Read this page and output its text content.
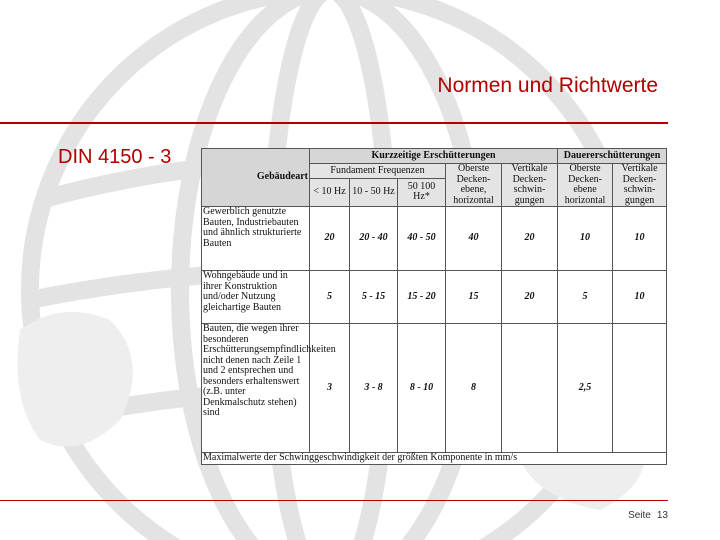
Normen und Richtwerte
DIN 4150 - 3
Gebäudeart	Kurzzeitige Erschütterungen					Dauererschütterungen	
	Fundament Frequenzen			Oberste Decken-ebene, horizontal	Vertikale Decken-schwin-gungen	Oberste Decken-ebene horizontal	Vertikale Decken-schwin-gungen
	< 10 Hz	10 - 50 Hz	50 100 Hz*				
Gewerblich genutzte Bauten, Industriebauten und ähnlich strukturierte Bauten	20	20 - 40	40 - 50	40	20	10	10
Wohngebäude und in ihrer Konstruktion und/oder Nutzung gleichartige Bauten	5	5 - 15	15 - 20	15	20	5	10
Bauten, die wegen ihrer besonderen Erschütterungsempfindlichkeiten nicht denen nach Zeile 1 und 2 entsprechen und besonders erhaltenswert (z.B. unter Denkmalschutz stehen) sind	3	3 - 8	8 - 10	8		2,5	
Maximalwerte der Schwinggeschwindigkeit der größten Komponente in mm/s							
Seite 13
